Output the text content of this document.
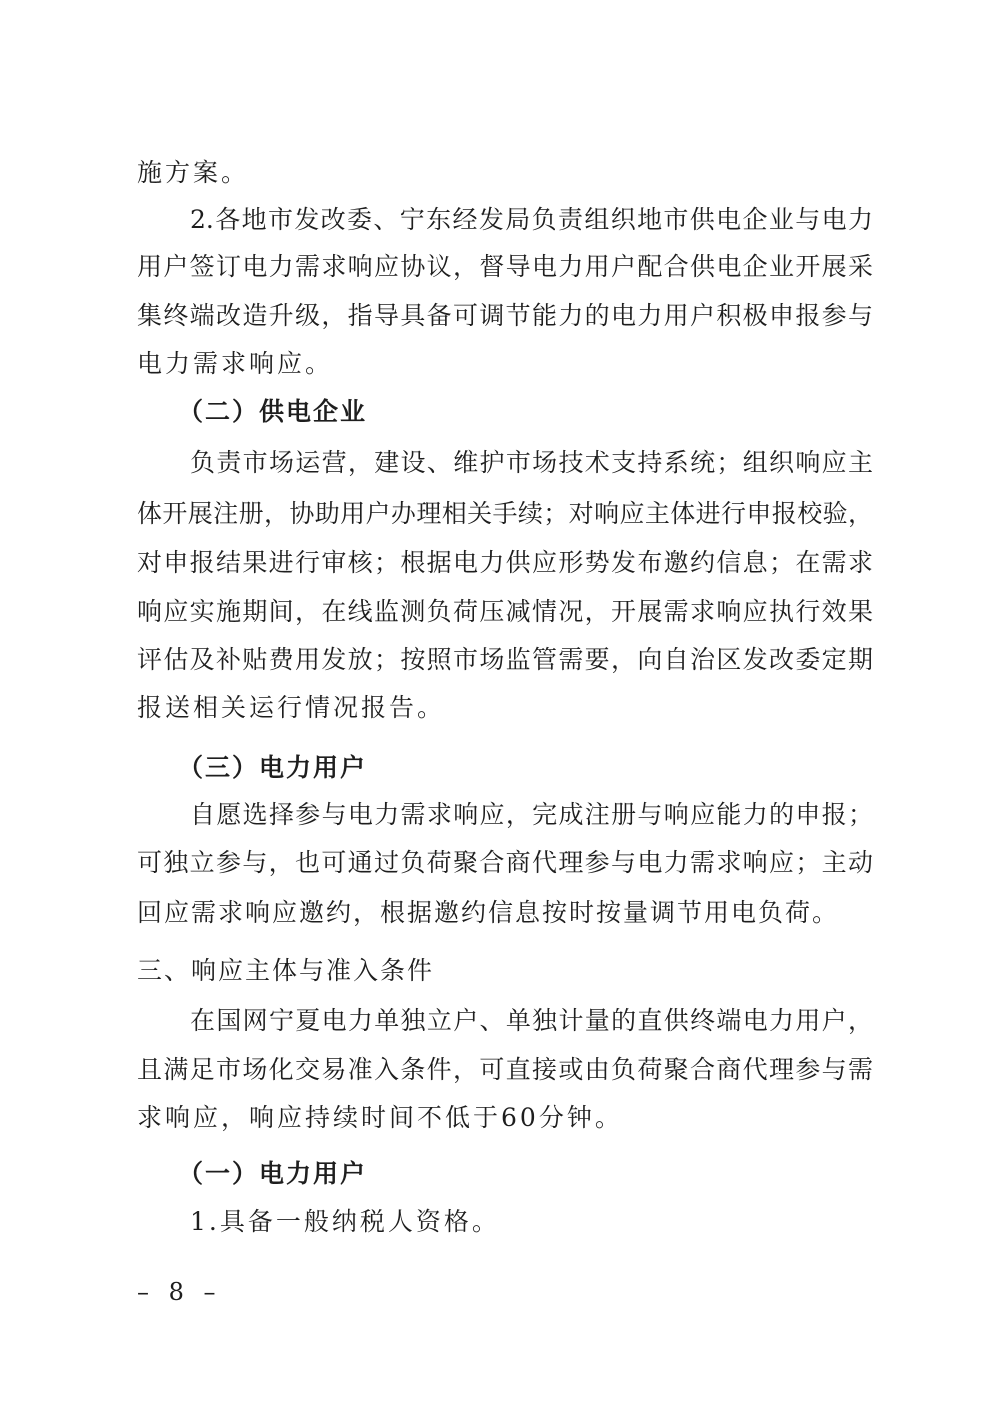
施方案。
2.各地市发改委、宁东经发局负责组织地市供电企业与电力
用户签订电力需求响应协议，督导电力用户配合供电企业开展采
集终端改造升级，指导具备可调节能力的电力用户积极申报参与
电力需求响应。
（二）供电企业
负责市场运营，建设、维护市场技术支持系统；组织响应主
体开展注册，协助用户办理相关手续；对响应主体进行申报校验，
对申报结果进行审核；根据电力供应形势发布邀约信息；在需求
响应实施期间，在线监测负荷压减情况，开展需求响应执行效果
评估及补贴费用发放；按照市场监管需要，向自治区发改委定期
报送相关运行情况报告。
（三）电力用户
自愿选择参与电力需求响应，完成注册与响应能力的申报；
可独立参与，也可通过负荷聚合商代理参与电力需求响应；主动
回应需求响应邀约，根据邀约信息按时按量调节用电负荷。
三、响应主体与准入条件
在国网宁夏电力单独立户、单独计量的直供终端电力用户，
且满足市场化交易准入条件，可直接或由负荷聚合商代理参与需
求响应，响应持续时间不低于60分钟。
（一）电力用户
1.具备一般纳税人资格。
– 8 –
